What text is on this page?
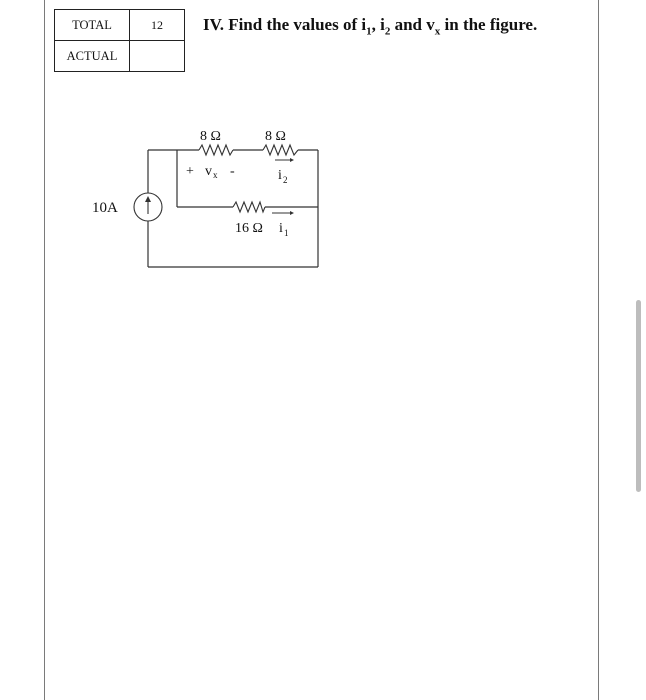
TOTAL	12
ACTUAL	
IV. Find the values of $i_1$, $i_2$ and $v_x$ in the figure.
10A
8 Ω	8 Ω
16 Ω
+ v x -	i 2
i 1
